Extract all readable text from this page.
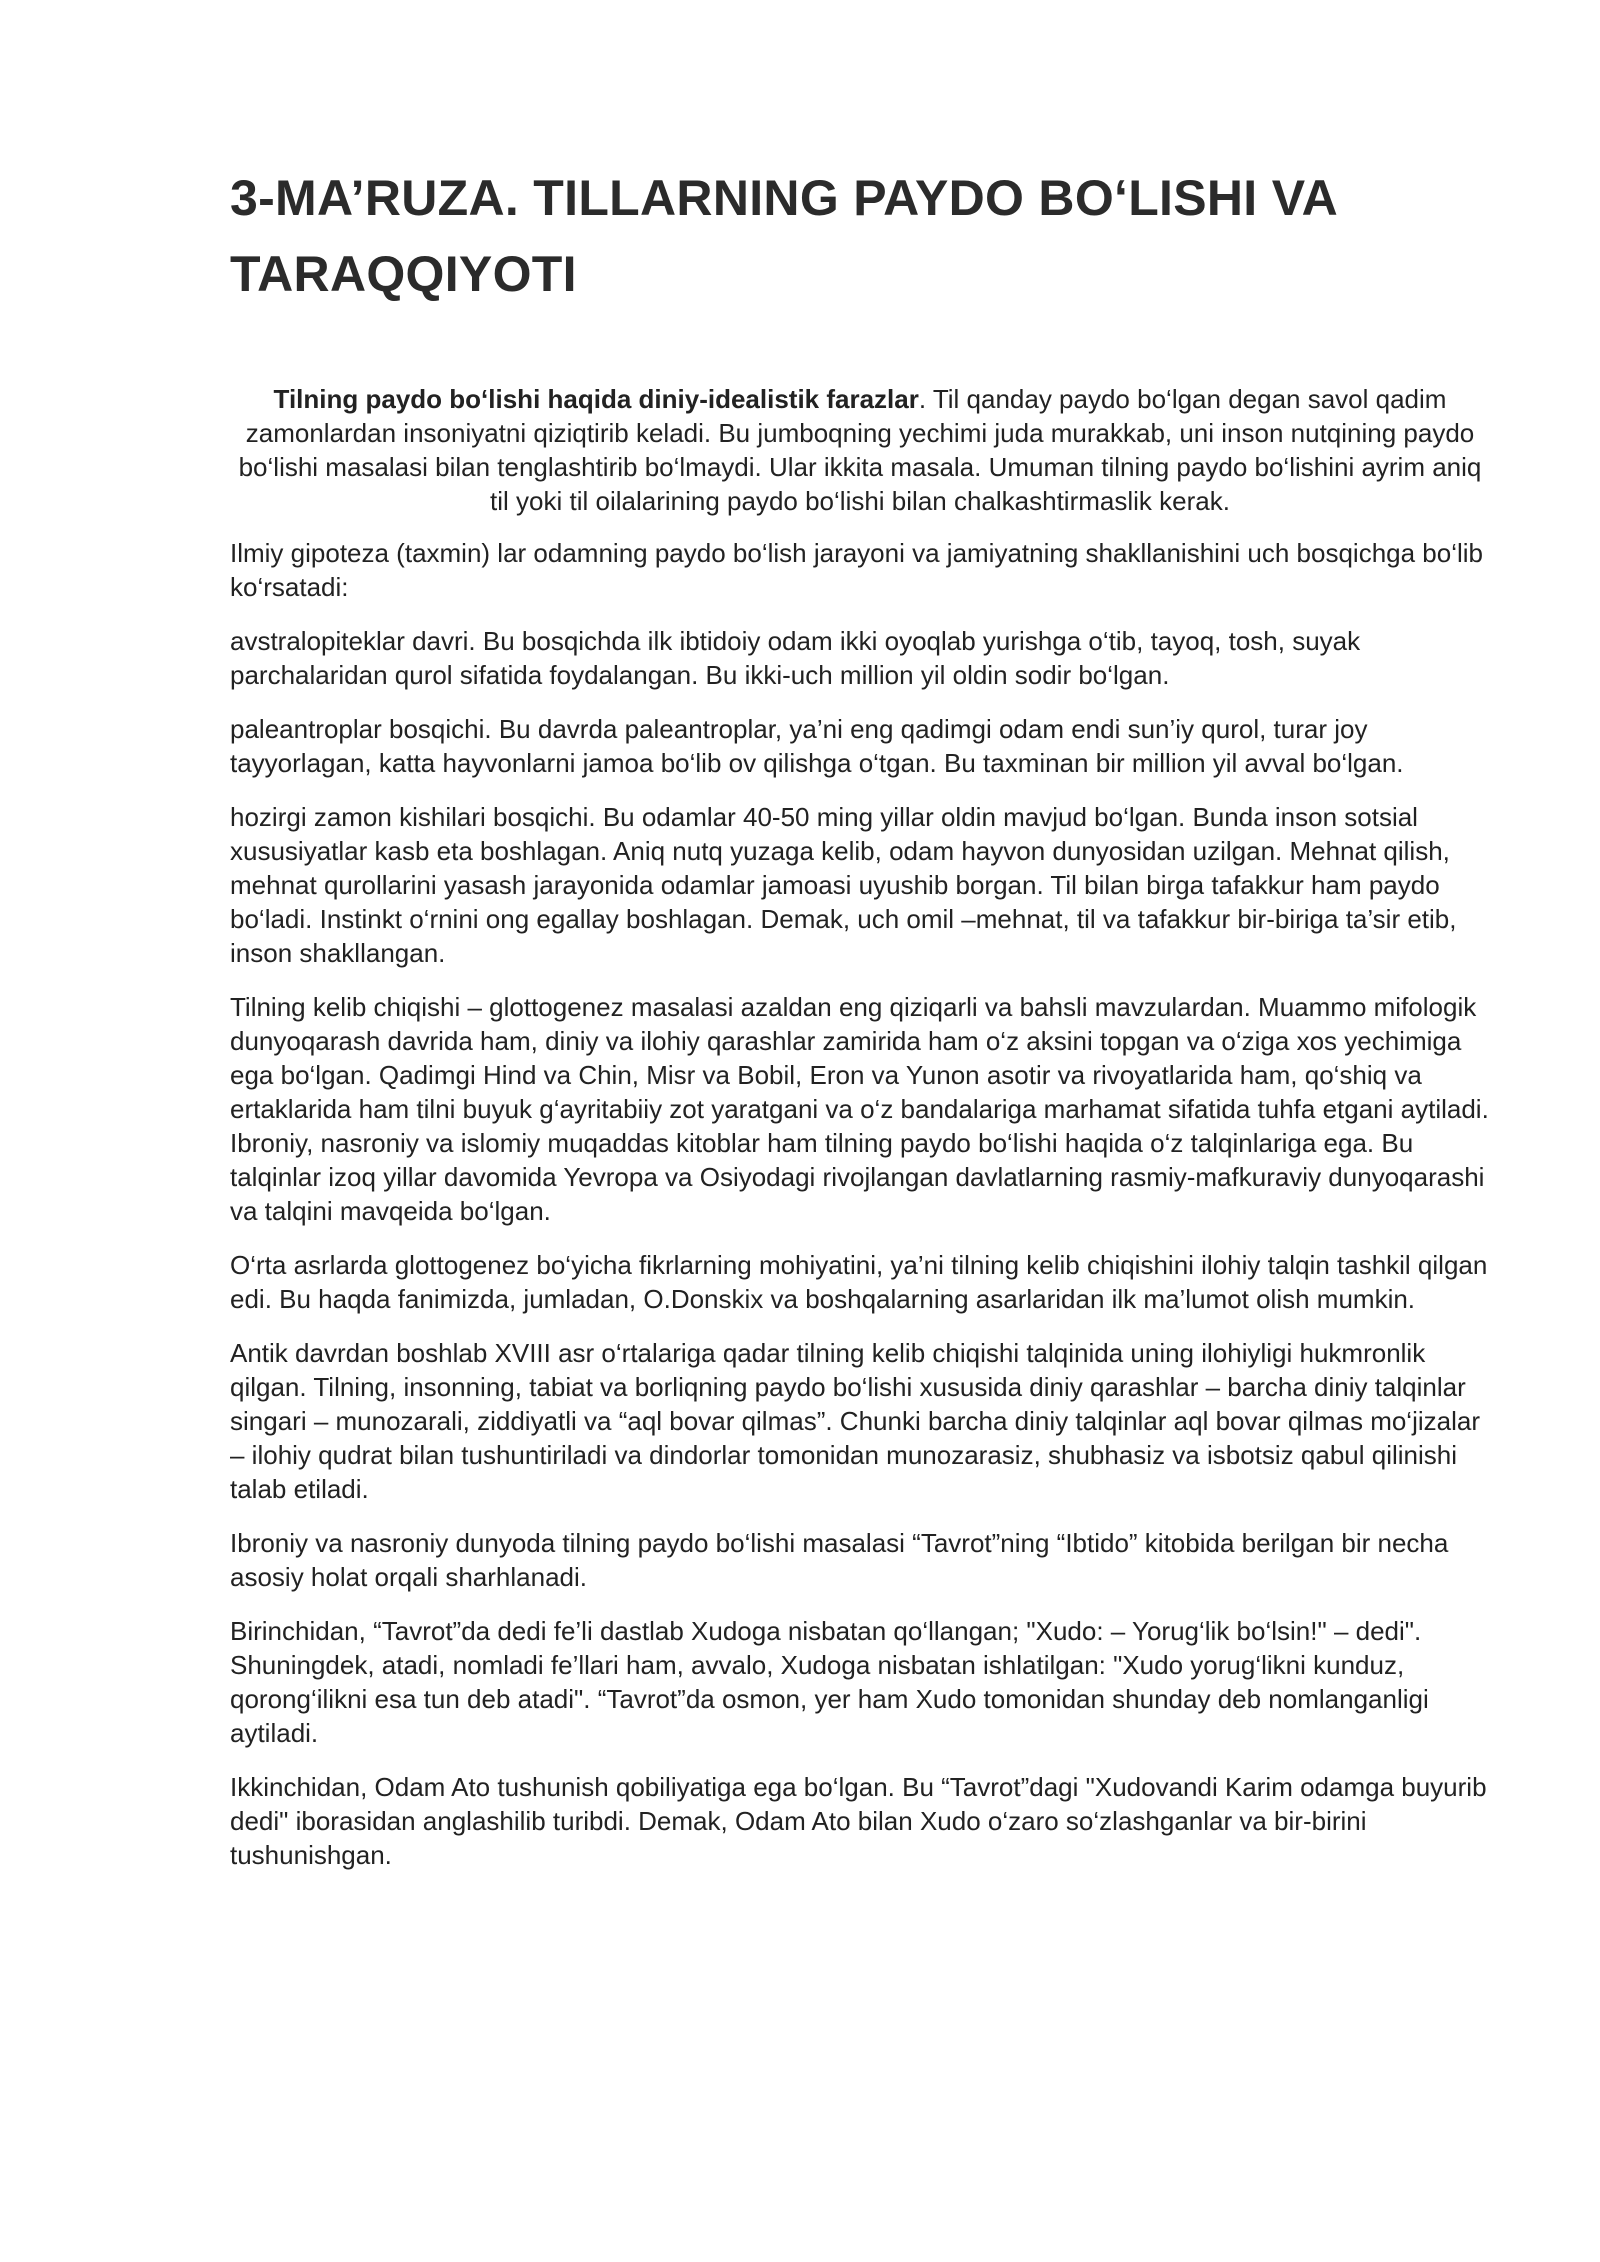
3-MA’RUZA. TILLARNING PAYDO BO‘LISHI VA TARAQQIYOTI

Tilning paydo bo‘lishi haqida diniy-idealistik farazlar. Til qanday paydo bo‘lgan degan savol qadim zamonlardan insoniyatni qiziqtirib keladi. Bu jumboqning yechimi juda murakkab, uni inson nutqining paydo bo‘lishi masalasi bilan tenglashtirib bo‘lmaydi. Ular ikkita masala. Umuman tilning paydo bo‘lishini ayrim aniq til yoki til oilalarining paydo bo‘lishi bilan chalkashtirmaslik kerak.

Ilmiy gipoteza (taxmin) lar odamning paydo bo‘lish jarayoni va jamiyatning shakllanishini uch bosqichga bo‘lib ko‘rsatadi:

avstralopiteklar davri. Bu bosqichda ilk ibtidoiy odam ikki oyoqlab yurishga o‘tib, tayoq, tosh, suyak parchalaridan qurol sifatida foydalangan. Bu ikki-uch million yil oldin sodir bo‘lgan.

paleantroplar bosqichi. Bu davrda paleantroplar, ya’ni eng qadimgi odam endi sun’iy qurol, turar joy tayyorlagan, katta hayvonlarni jamoa bo‘lib ov qilishga o‘tgan. Bu taxminan bir million yil avval bo‘lgan.

hozirgi zamon kishilari bosqichi. Bu odamlar 40-50 ming yillar oldin mavjud bo‘lgan. Bunda inson sotsial xususiyatlar kasb eta boshlagan. Aniq nutq yuzaga kelib, odam hayvon dunyosidan uzilgan. Mehnat qilish, mehnat qurollarini yasash jarayonida odamlar jamoasi uyushib borgan. Til bilan birga tafakkur ham paydo bo‘ladi. Instinkt o‘rnini ong egallay boshlagan. Demak, uch omil –mehnat, til va tafakkur bir-biriga ta’sir etib, inson shakllangan.

Tilning kelib chiqishi – glottogenez masalasi azaldan eng qiziqarli va bahsli mavzulardan. Muammo mifologik dunyoqarash davrida ham, diniy va ilohiy qarashlar zamirida ham o‘z aksini topgan va o‘ziga xos yechimiga ega bo‘lgan. Qadimgi Hind va Chin, Misr va Bobil, Eron va Yunon asotir va rivoyatlarida ham, qo‘shiq va ertaklarida ham tilni buyuk g‘ayritabiiy zot yaratgani va o‘z bandalariga marhamat sifatida tuhfa etgani aytiladi. Ibroniy, nasroniy va islomiy muqaddas kitoblar ham tilning paydo bo‘lishi haqida o‘z talqinlariga ega. Bu talqinlar izoq yillar davomida Yevropa va Osiyodagi rivojlangan davlatlarning rasmiy-mafkuraviy dunyoqarashi va talqini mavqeida bo‘lgan.

O‘rta asrlarda glottogenez bo‘yicha fikrlarning mohiyatini, ya’ni tilning kelib chiqishini ilohiy talqin tashkil qilgan edi. Bu haqda fanimizda, jumladan, O.Donskix va boshqalarning asarlaridan ilk ma’lumot olish mumkin.

Antik davrdan boshlab XVIII asr o‘rtalariga qadar tilning kelib chiqishi talqinida uning ilohiyligi hukmronlik qilgan. Tilning, insonning, tabiat va borliqning paydo bo‘lishi xususida diniy qarashlar – barcha diniy talqinlar singari – munozarali, ziddiyatli va “aql bovar qilmas”. Chunki barcha diniy talqinlar aql bovar qilmas mo‘jizalar – ilohiy qudrat bilan tushuntiriladi va dindorlar tomonidan munozarasiz, shubhasiz va isbotsiz qabul qilinishi talab etiladi.

Ibroniy va nasroniy dunyoda tilning paydo bo‘lishi masalasi “Tavrot”ning “Ibtido” kitobida berilgan bir necha asosiy holat orqali sharhlanadi.

Birinchidan, “Tavrot”da dedi fe’li dastlab Xudoga nisbatan qo‘llangan; "Xudo: – Yorug‘lik bo‘lsin!" – dedi". Shuningdek, atadi, nomladi fe’llari ham, avvalo, Xudoga nisbatan ishlatilgan: "Xudo yorug‘likni kunduz, qorong‘ilikni esa tun deb atadi". “Tavrot”da osmon, yer ham Xudo tomonidan shunday deb nomlanganligi aytiladi.

Ikkinchidan, Odam Ato tushunish qobiliyatiga ega bo‘lgan. Bu “Tavrot”dagi "Xudovandi Karim odamga buyurib dedi" iborasidan anglashilib turibdi. Demak, Odam Ato bilan Xudo o‘zaro so‘zlashganlar va bir-birini tushunishgan.
